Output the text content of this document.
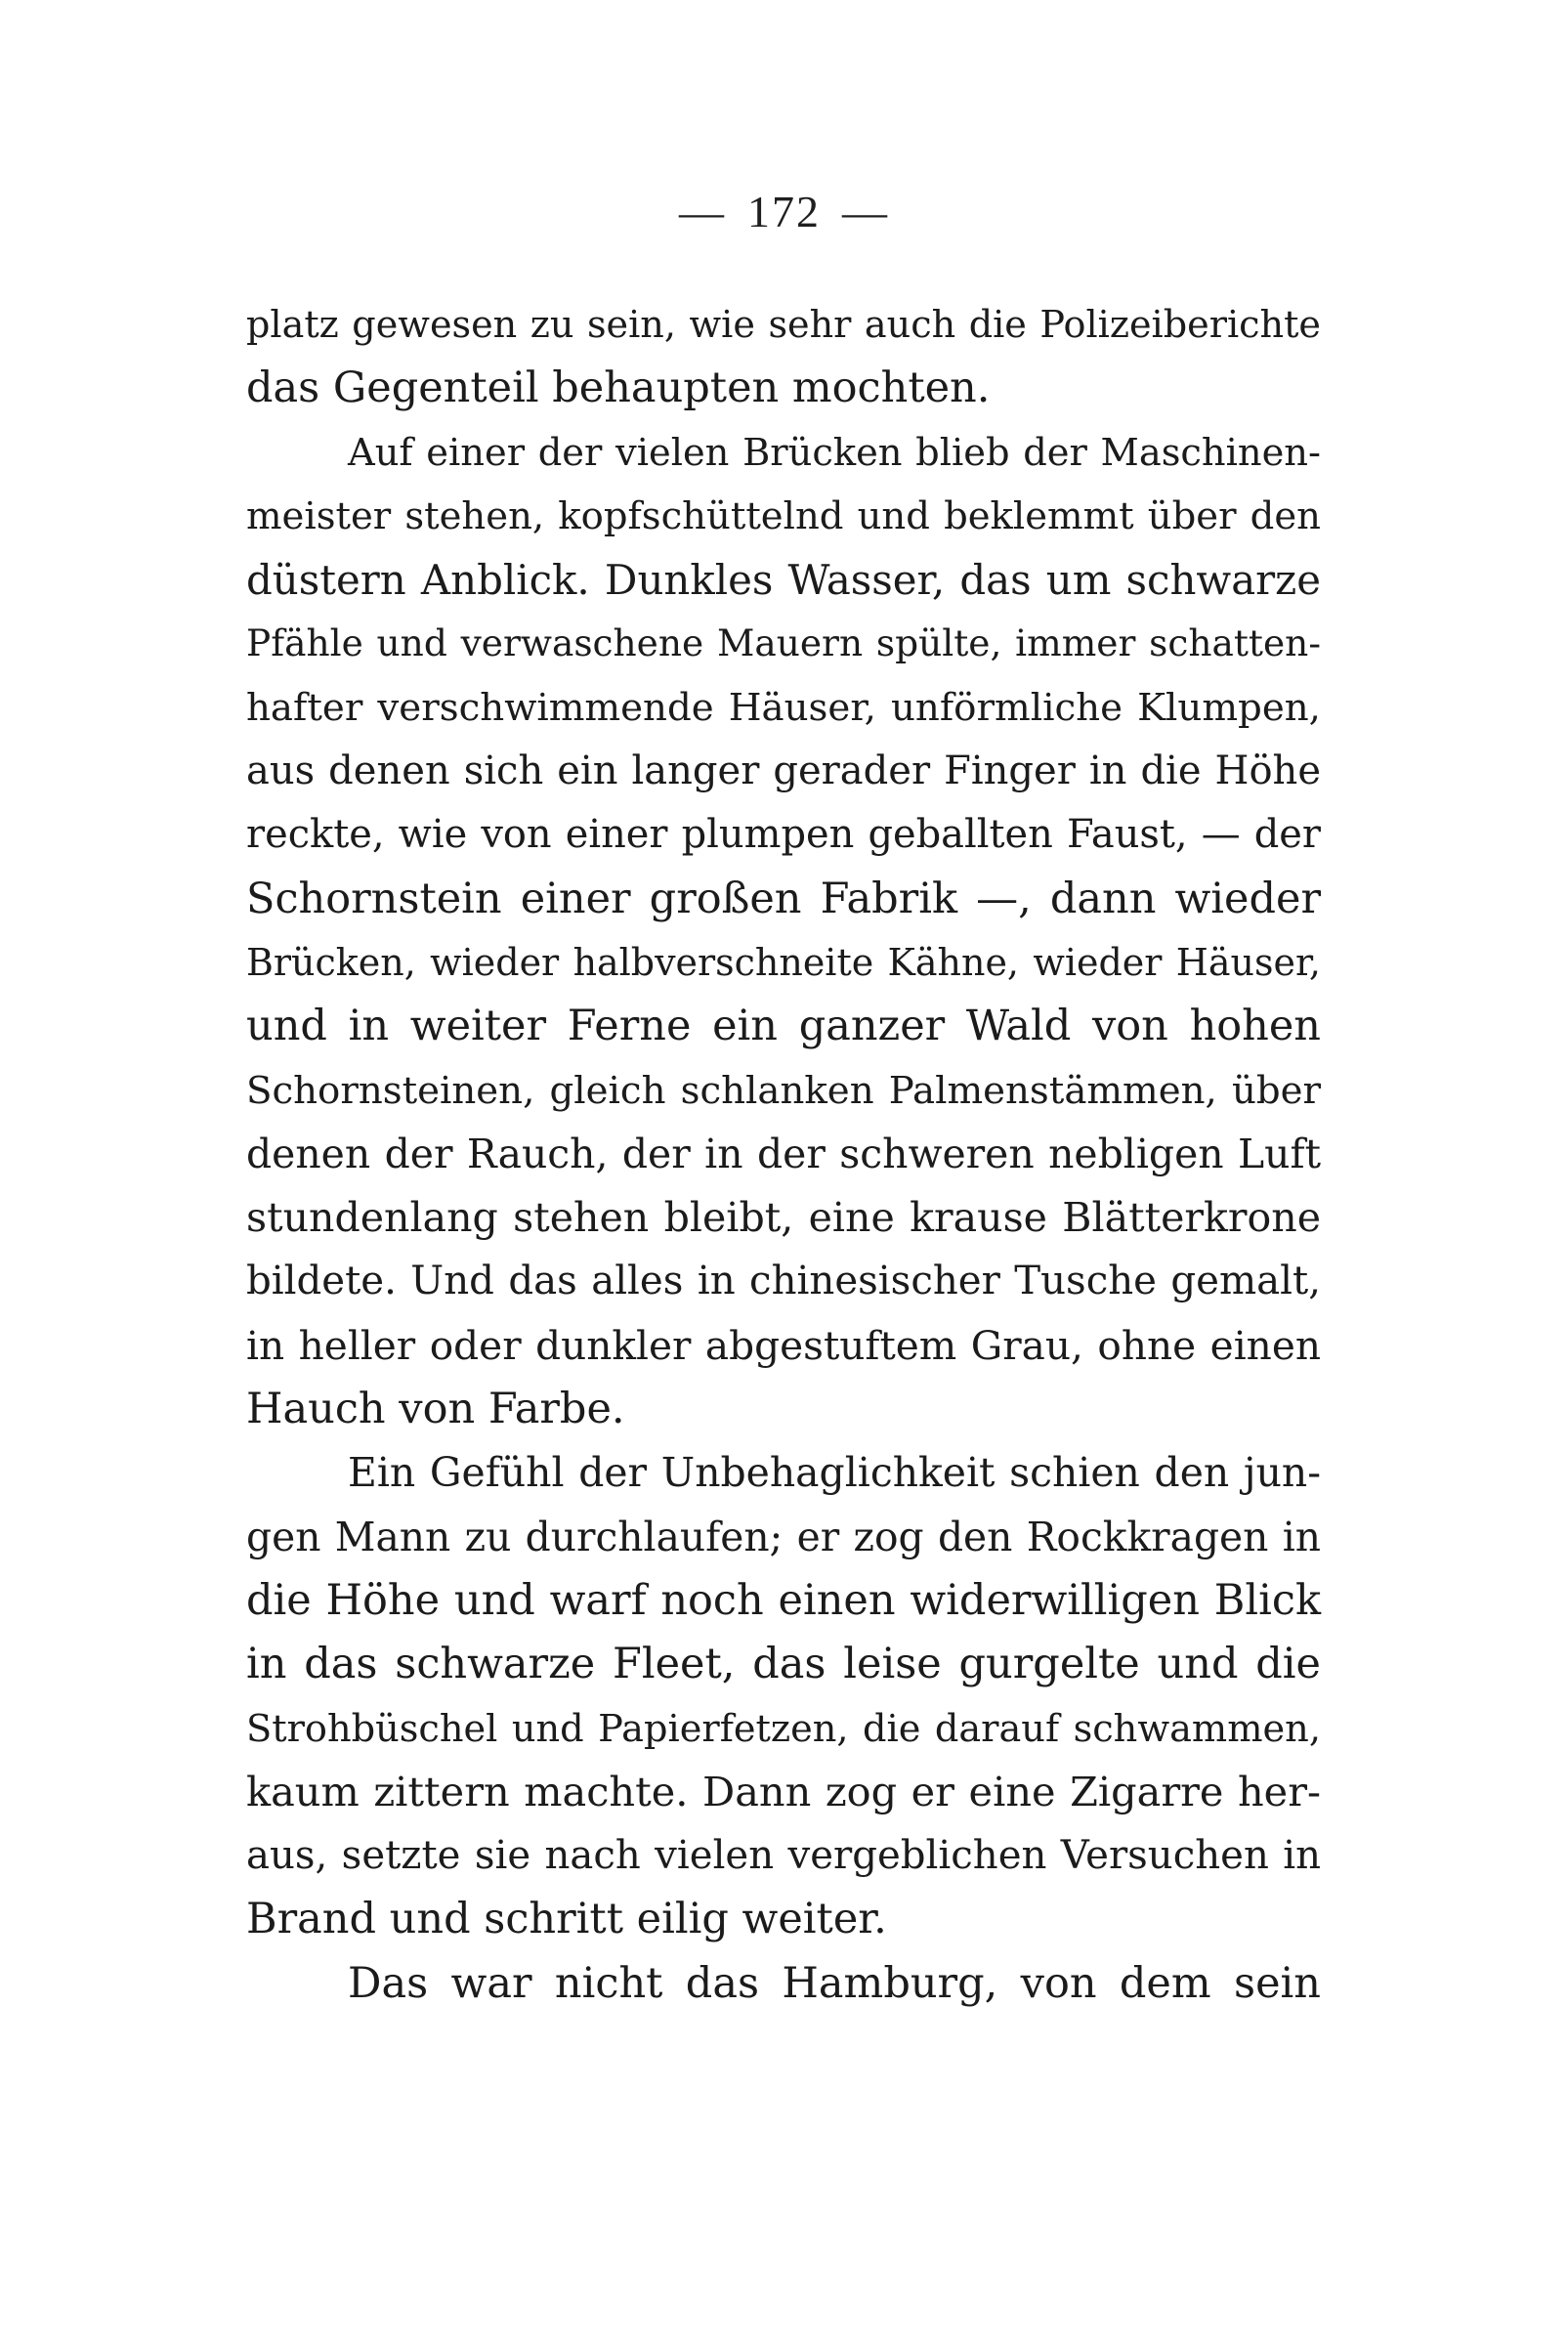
— 172 —
platz gewesen zu sein, wie sehr auch die Polizeiberichte
das Gegenteil behaupten mochten.
Auf einer der vielen Brücken blieb der Maschinen-
meister stehen, kopfschüttelnd und beklemmt über den
düstern Anblick. Dunkles Wasser, das um schwarze
Pfähle und verwaschene Mauern spülte, immer schatten-
hafter verschwimmende Häuser, unförmliche Klumpen,
aus denen sich ein langer gerader Finger in die Höhe
reckte, wie von einer plumpen geballten Faust, — der
Schornstein einer großen Fabrik —, dann wieder
Brücken, wieder halbverschneite Kähne, wieder Häuser,
und in weiter Ferne ein ganzer Wald von hohen
Schornsteinen, gleich schlanken Palmenstämmen, über
denen der Rauch, der in der schweren nebligen Luft
stundenlang stehen bleibt, eine krause Blätterkrone
bildete. Und das alles in chinesischer Tusche gemalt,
in heller oder dunkler abgestuftem Grau, ohne einen
Hauch von Farbe.
Ein Gefühl der Unbehaglichkeit schien den jun-
gen Mann zu durchlaufen; er zog den Rockkragen in
die Höhe und warf noch einen widerwilligen Blick
in das schwarze Fleet, das leise gurgelte und die
Strohbüschel und Papierfetzen, die darauf schwammen,
kaum zittern machte. Dann zog er eine Zigarre her-
aus, setzte sie nach vielen vergeblichen Versuchen in
Brand und schritt eilig weiter.
Das war nicht das Hamburg, von dem sein
